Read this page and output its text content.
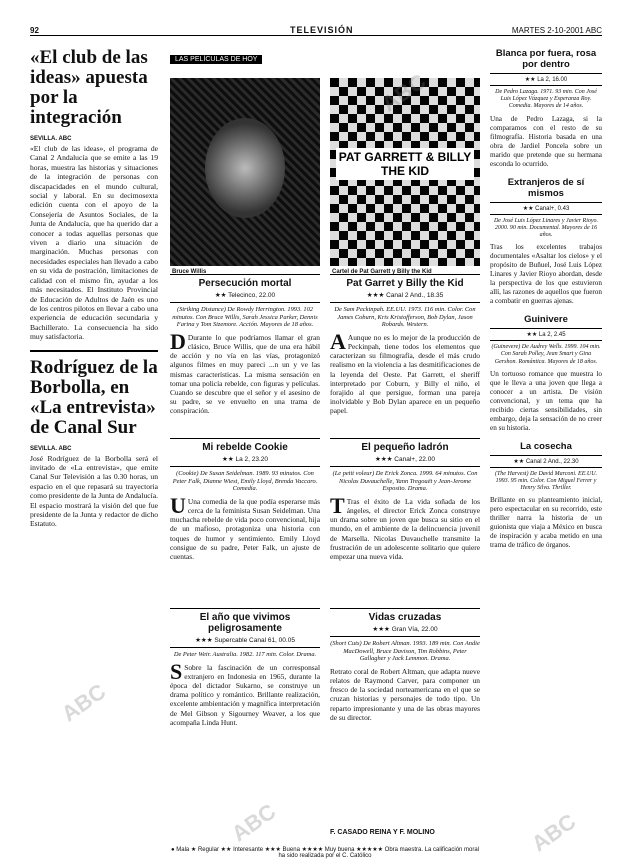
92	TELEVISIÓN	MARTES 2-10-2001 ABC
«El club de las ideas» apuesta por la integración
SEVILLA. ABC

«El club de las ideas», el programa de Canal 2 Andalucía que se emite a las 19 horas, muestra las historias y situaciones de la integración de personas con discapacidades en el mundo cultural, social y laboral. En su decimosexta edición cuenta con el apoyo de la Consejería de Asuntos Sociales, de la Junta de Andalucía, que ha querido dar a conocer a todas aquellas personas que viven a diario una situación de marginación. Muchas personas con necesidades especiales han llevado a cabo en su vida de postración, limitaciones de calidad con el mismo fin, ayudar a los más necesitados. El Instituto Provincial de Educación de Adultos de Jaén es uno de los centros pilotos en llevar a cabo una experiencia de educación secundaria y Bachillerato. La consecuencia ha sido muy satisfactoria.

Rodríguez de la Borbolla, en «La entrevista» de Canal Sur
SEVILLA. ABC

José Rodríguez de la Borbolla será el invitado de «La entrevista», que emite Canal Sur Televisión a las 0.30 horas, un espacio en el que repasará su trayectoria como presidente de la Junta de Andalucía. El espacio mostrará la visión del que fue presidente de la Junta y redactor de dicho Estatuto.

LAS PELÍCULAS DE HOY
Bruce Willis
PAT GARRETT & BILLY THE KID
Cartel de Pat Garrett y Billy the Kid
Persecución mortal
★★ Telecinco, 22.00
(Striking Distance) De Rowdy Herrington. 1993. 102 minutos. Con Bruce Willis, Sarah Jessica Parker, Dennis Farina y Tom Sizemore. Acción. Mayores de 18 años.
D Durante lo que podríamos llamar el gran clásico, Bruce Willis, que de una era hábil de acción y no vía en las vías, protagonizó algunos filmes en muy pareci ...n un y ve las mismas características. La misma sensación en tomar una policía rebelde, con figuras y películas. Cuando se descubre que el señor y el asesino de su padre, se ve envuelto en una trama de conspiración.
Pat Garret y Billy the Kid
★★★ Canal 2 And., 18.35
De Sam Peckinpah. EE.UU. 1973. 116 min. Color. Con James Coburn, Kris Kristofferson, Bob Dylan, Jason Robards. Western.
A Aunque no es lo mejor de la producción de Peckinpah, tiene todos los elementos que caracterizan su filmografía, desde el más crudo realismo en la violencia a las desmitificaciones de la leyenda del Oeste. Pat Garrett, el sheriff interpretado por Coburn, y Billy el niño, el forajido al que persigue, forman una pareja inolvidable y Bob Dylan aparece en un pequeño papel.
Mi rebelde Cookie
★★ La 2, 23.20
(Cookie) De Susan Seidelman. 1989. 93 minutos. Con Peter Falk, Dianne Wiest, Emily Lloyd, Brenda Vaccaro. Comedia.
U Una comedia de la que podía esperarse más cerca de la feminista Susan Seidelman. Una muchacha rebelde de vida poco convencional, hija de un mafioso, protagoniza una historia con toques de humor y sentimiento. Emily Lloyd consigue de su padre, Peter Falk, un ajuste de cuentas.
El pequeño ladrón
★★★ Canal+, 22.00
(Le petit voleur) De Erick Zonca. 1999. 64 minutos. Con Nicolas Duvauchelle, Yann Tregouët y Jean-Jerome Esposito. Drama.
T Tras el éxito de La vida soñada de los ángeles, el director Erick Zonca construye un drama sobre un joven que busca su sitio en el mundo, en el ambiente de la delincuencia juvenil de Marsella. Nicolas Duvauchelle transmite la frustración de un adolescente solitario que quiere empezar una nueva vida.
El año que vivimos peligrosamente
★★★ Supercable Canal 61, 00.05
De Peter Weir. Australia. 1982. 117 min. Color. Drama.
S Sobre la fascinación de un corresponsal extranjero en Indonesia en 1965, durante la época del dictador Sukarno, se construye un drama político y romántico. Brillante realización, excelente ambientación y magnífica interpretación de Mel Gibson y Sigourney Weaver, a los que acompaña Linda Hunt.
Vidas cruzadas
★★★ Gran Vía, 22.00
(Short Cuts) De Robert Altman. 1993. 189 min. Con Andie MacDowell, Bruce Davison, Tim Robbins, Peter Gallagher y Jack Lemmon. Drama.
Retrato coral de Robert Altman, que adapta nueve relatos de Raymond Carver, para componer un fresco de la sociedad norteamericana en el que se cruzan historias y personajes de todo tipo. Un reparto impresionante y una de las obras mayores de su director.
F. CASADO REINA Y F. MOLINO
● Mala ★ Regular ★★ Interesante ★★★ Buena ★★★★ Muy buena ★★★★★ Obra maestra. La calificación moral ha sido realizada por el C. Católico
Blanca por fuera, rosa por dentro
★★ La 2, 16.00
De Pedro Lazaga. 1971. 93 min. Con José Luis López Vázquez y Esperanza Roy. Comedia. Mayores de 14 años.
Una de Pedro Lazaga, si la comparamos con el resto de su filmografía. Historia basada en una obra de Jardiel Poncela sobre un marido que pretende que su hermana esconda lo ocurrido.
Extranjeros de sí mismos
★★ Canal+, 0.43
De José Luis López Linares y Javier Rioyo. 2000. 90 min. Documental. Mayores de 16 años.
Tras los excelentes trabajos documentales «Asaltar los cielos» y el propósito de Buñuel, José Luis López Linares y Javier Rioyo abordan, desde la perspectiva de los que estuvieron allí, las razones de aquellos que fueron a combatir en guerras ajenas.
Guinivere
★★ La 2, 2.45
(Guinevere) De Audrey Wells. 1999. 104 min. Con Sarah Polley, Jean Smart y Gina Gershon. Romántica. Mayores de 18 años.
Un tortuoso romance que muestra lo que le lleva a una joven que llega a conocer a un artista. De visión convencional, y un tema que ha recibido ciertas sensibilidades, sin embargo, deja la sensación de no creer en su historia.
La cosecha
★★ Canal 2 And., 22.30
(The Harvest) De David Marconi. EE.UU. 1993. 95 min. Color. Con Miguel Ferrer y Henry Silva. Thriller.
Brillante en su planteamiento inicial, pero espectacular en su recorrido, este thriller narra la historia de un guionista que viaja a México en busca de inspiración y acaba metido en una trama de tráfico de órganos.
ABC
ABC
ABC	ABC
